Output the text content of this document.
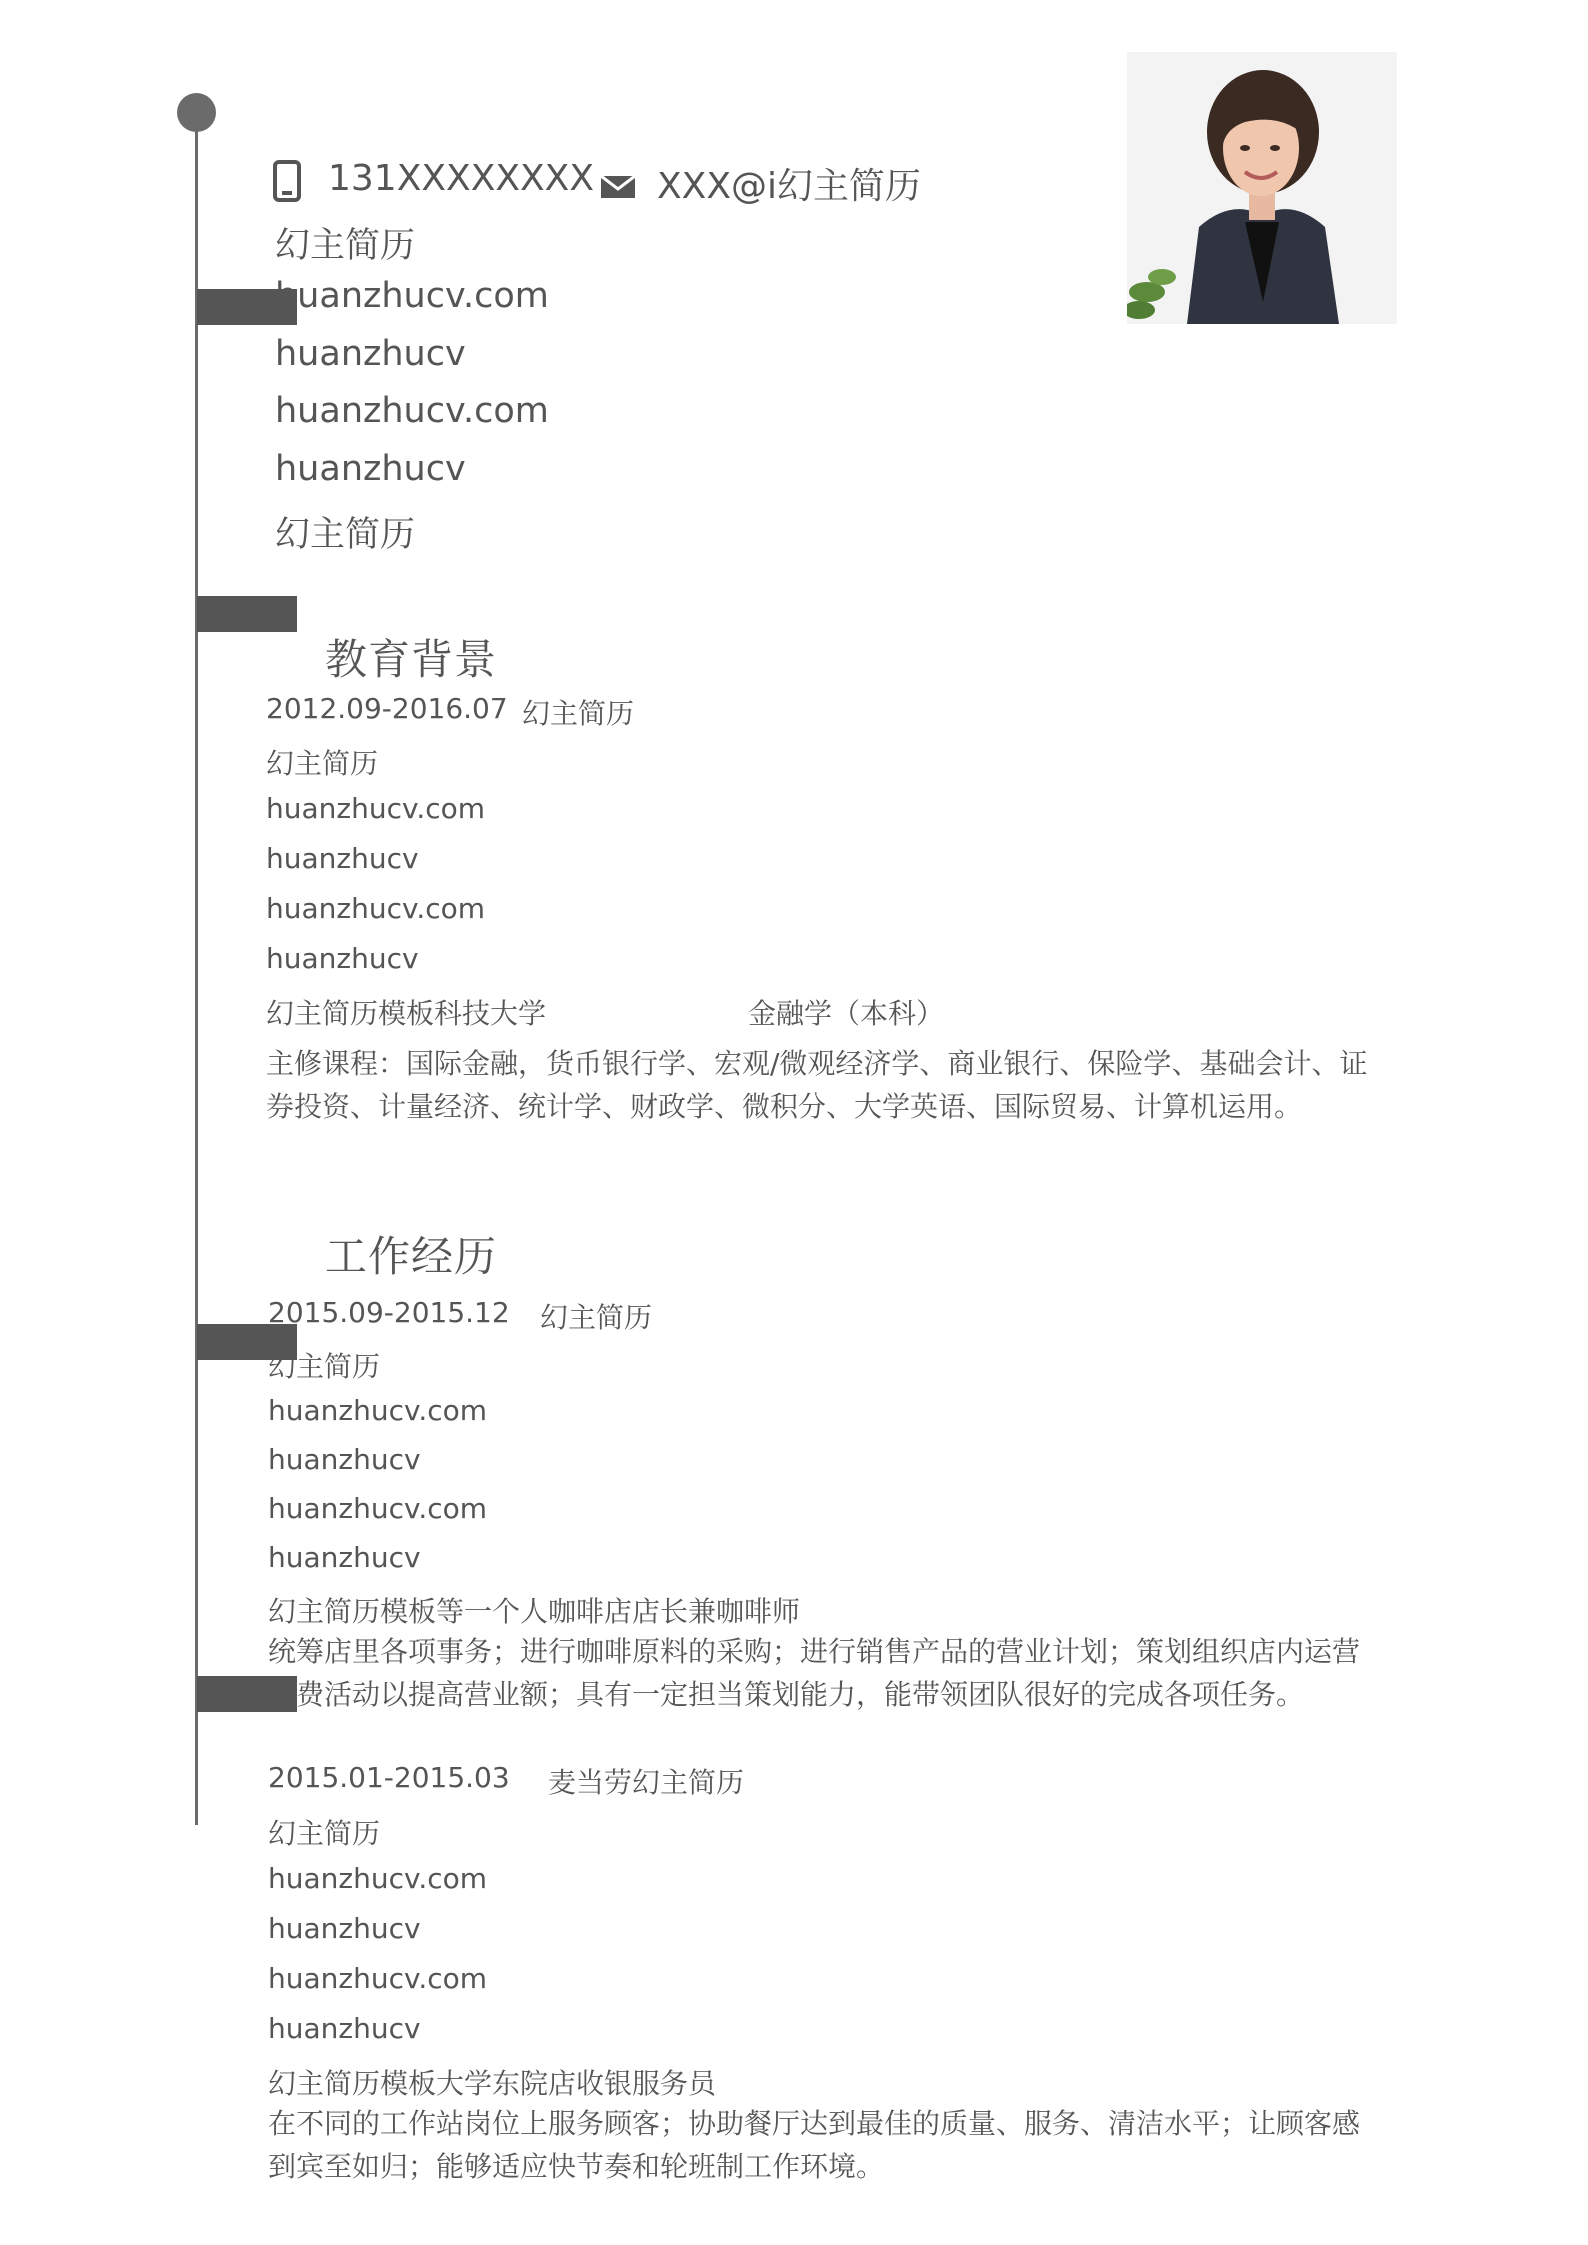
131XXXXXXXX XXX@i幻主简历
幻主简历
huanzhucv.com
huanzhucv
huanzhucv.com
huanzhucv
幻主简历
教育背景
2012.09-2016.07 幻主简历
幻主简历
huanzhucv.com
huanzhucv
huanzhucv.com
huanzhucv
幻主简历模板科技大学	金融学（本科）
主修课程：国际金融，货币银行学、宏观/微观经济学、商业银行、保险学、基础会计、证券投资、计量经济、统计学、财政学、微积分、大学英语、国际贸易、计算机运用。
工作经历
2015.09-2015.12 幻主简历
幻主简历
huanzhucv.com
huanzhucv
huanzhucv.com
huanzhucv
幻主简历模板等一个人咖啡店店长兼咖啡师
统筹店里各项事务；进行咖啡原料的采购；进行销售产品的营业计划；策划组织店内运营消费活动以提高营业额；具有一定担当策划能力，能带领团队很好的完成各项任务。
2015.01-2015.03 麦当劳幻主简历
幻主简历
huanzhucv.com
huanzhucv
huanzhucv.com
huanzhucv
幻主简历模板大学东院店收银服务员
在不同的工作站岗位上服务顾客；协助餐厅达到最佳的质量、服务、清洁水平；让顾客感到宾至如归；能够适应快节奏和轮班制工作环境。
